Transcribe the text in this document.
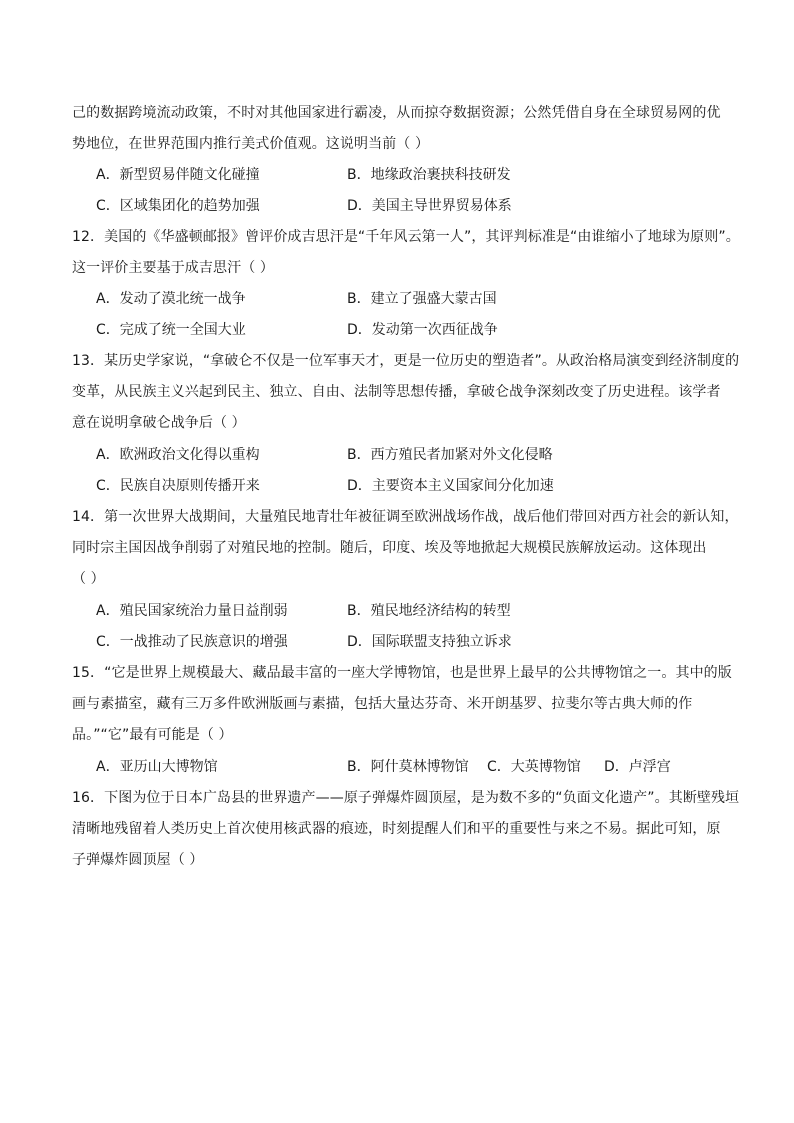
己的数据跨境流动政策，不时对其他国家进行霸凌，从而掠夺数据资源；公然凭借自身在全球贸易网的优
势地位，在世界范围内推行美式价值观。这说明当前（ ）
A．新型贸易伴随文化碰撞	B．地缘政治裹挟科技研发
C．区域集团化的趋势加强	D．美国主导世界贸易体系
12．美国的《华盛顿邮报》曾评价成吉思汗是“千年风云第一人”，其评判标准是“由谁缩小了地球为原则”。
这一评价主要基于成吉思汗（ ）
A．发动了漠北统一战争	B．建立了强盛大蒙古国
C．完成了统一全国大业	D．发动第一次西征战争
13．某历史学家说，“拿破仑不仅是一位军事天才，更是一位历史的塑造者”。从政治格局演变到经济制度的
变革，从民族主义兴起到民主、独立、自由、法制等思想传播，拿破仑战争深刻改变了历史进程。该学者
意在说明拿破仑战争后（ ）
A．欧洲政治文化得以重构	B．西方殖民者加紧对外文化侵略
C．民族自决原则传播开来	D．主要资本主义国家间分化加速
14．第一次世界大战期间，大量殖民地青壮年被征调至欧洲战场作战，战后他们带回对西方社会的新认知，
同时宗主国因战争削弱了对殖民地的控制。随后，印度、埃及等地掀起大规模民族解放运动。这体现出
（ ）
A．殖民国家统治力量日益削弱	B．殖民地经济结构的转型
C．一战推动了民族意识的增强	D．国际联盟支持独立诉求
15．“它是世界上规模最大、藏品最丰富的一座大学博物馆，也是世界上最早的公共博物馆之一。其中的版
画与素描室，藏有三万多件欧洲版画与素描，包括大量达芬奇、米开朗基罗、拉斐尔等古典大师的作
品。”“它”最有可能是（ ）
A．亚历山大博物馆	B．阿什莫林博物馆 C．大英博物馆 D．卢浮宫
16．下图为位于日本广岛县的世界遗产——原子弹爆炸圆顶屋，是为数不多的“负面文化遗产”。其断壁残垣
清晰地残留着人类历史上首次使用核武器的痕迹，时刻提醒人们和平的重要性与来之不易。据此可知，原
子弹爆炸圆顶屋（ ）
